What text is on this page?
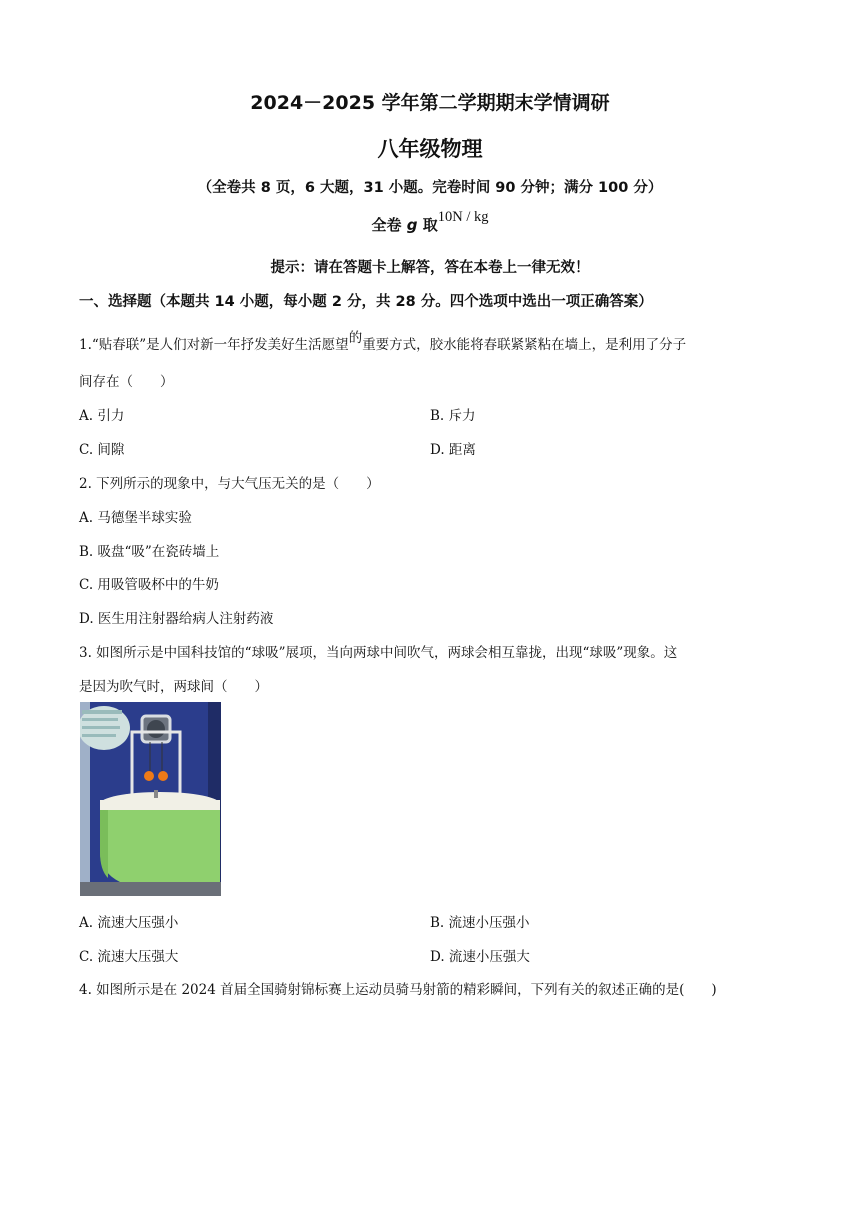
2024－2025 学年第二学期期末学情调研
八年级物理
（全卷共 8 页，6 大题，31 小题。完卷时间 90 分钟；满分 100 分）
全卷 g 取10N / kg
提示：请在答题卡上解答，答在本卷上一律无效！
一、选择题（本题共 14 小题，每小题 2 分，共 28 分。四个选项中选出一项正确答案）
1.“贴春联”是人们对新一年抒发美好生活愿望的重要方式，胶水能将春联紧紧粘在墙上，是利用了分子
间存在（　　）
A. 引力	B. 斥力
C. 间隙	D. 距离
2. 下列所示的现象中，与大气压无关的是（　　）
A. 马德堡半球实验
B. 吸盘“吸”在瓷砖墙上
C. 用吸管吸杯中的牛奶
D. 医生用注射器给病人注射药液
3. 如图所示是中国科技馆的“球吸”展项，当向两球中间吹气，两球会相互靠拢，出现“球吸”现象。这
是因为吹气时，两球间（　　）
A. 流速大压强小	B. 流速小压强小
C. 流速大压强大	D. 流速小压强大
4. 如图所示是在 2024 首届全国骑射锦标赛上运动员骑马射箭的精彩瞬间，下列有关的叙述正确的是(　　)
